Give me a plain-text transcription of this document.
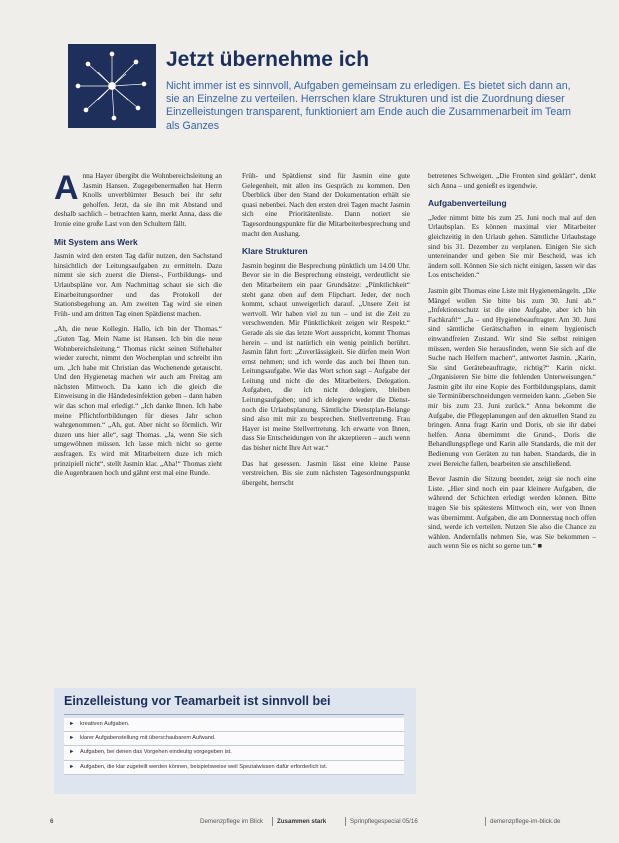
Jetzt übernehme ich
Nicht immer ist es sinnvoll, Aufgaben gemeinsam zu erledigen. Es bietet sich dann an, sie an Einzelne zu verteilen. Herrschen klare Strukturen und ist die Zuordnung dieser Einzelleistungen transparent, funktioniert am Ende auch die Zusammenarbeit im Team als Ganzes

Anna Hayer übergibt die Wohnbereichsleitung an Jasmin Hansen. Zugegebenermaßen hat Herrn Knolls unverblümter Besuch bei ihr sehr geholfen. Jetzt, da sie ihn mit Abstand und deshalb sachlich – betrachten kann, merkt Anna, dass die Ironie eine große Last von den Schultern fällt.

Mit System ans Werk

Jasmin wird den ersten Tag dafür nutzen, den Sachstand hinsichtlich der Leitungsaufgaben zu ermitteln. Dazu nimmt sie sich zuerst die Dienst-, Fortbildungs- und Urlaubspläne vor. Am Nachmittag schaut sie sich die Einarbeitungsordner und das Protokoll der Stationsbegehung an. Am zweiten Tag wird sie einen Früh- und am dritten Tag einen Spätdienst machen.

„Ah, die neue Kollegin. Hallo, ich bin der Thomas.“ „Guten Tag. Mein Name ist Hansen. Ich bin die neue Wohnbereichsleitung.“ Thomas rückt seinen Stiftehalter wieder zurecht, nimmt den Wochenplan und schreibt ihn um. „Ich habe mit Christian das Wochenende getauscht. Und den Hygienetag machen wir auch am Freitag am nächsten Mittwoch. Da kann ich die gleich die Einweisung in die Händedesinfektion geben – dann haben wir das schon mal erledigt.“ „Ich danke Ihnen. Ich habe meine Pflichtfortbildungen für dieses Jahr schon wahrgenommen.“ „Ah, gut. Aber nicht so förmlich. Wir duzen uns hier alle“, sagt Thomas. „Ja, wenn Sie sich umgewöhnen müssen. Ich lasse mich nicht so gerne ausfragen. Es wird mit Mitarbeitern duze ich mich prinzipiell nicht“, stellt Jasmin klar. „Aha!“ Thomas zieht die Augenbrauen hoch und gähnt erst mal eine Runde.

Früh- und Spätdienst sind für Jasmin eine gute Gelegenheit, mit allen ins Gespräch zu kommen. Den Überblick über den Stand der Dokumentation erhält sie quasi nebenbei. Nach den ersten drei Tagen macht Jasmin sich eine Prioritätenliste. Dann notiert sie Tagesordnungspunkte für die Mitarbeiterbesprechung und macht den Aushang.

Klare Strukturen

Jasmin beginnt die Besprechung pünktlich um 14.00 Uhr. Bevor sie in die Besprechung einsteigt, verdeutlicht sie den Mitarbeitern ein paar Grundsätze: „Pünktlichkeit“ steht ganz oben auf dem Flipchart. Jeder, der noch kommt, schaut unweigerlich darauf. „Unsere Zeit ist wertvoll. Wir haben viel zu tun – und ist die Zeit zu verschwenden. Mir Pünktlichkeit zeigen wir Respekt.“ Gerade als sie das letzte Wort ausspricht, kommt Thomas herein – und ist natürlich ein wenig peinlich berührt. Jasmin fährt fort: „Zuverlässigkeit. Sie dürfen mein Wort ernst nehmen; und ich werde das auch bei Ihnen tun. Leitungsaufgabe. Wie das Wort schon sagt – Aufgabe der Leitung und nicht die des Mitarbeiters. Delegation. Aufgaben, die ich nicht delegiere, bleiben Leitungsaufgaben; und ich delegiere weder die Dienst- noch die Urlaubsplanung. Sämtliche Dienstplan-Belange sind also mit mir zu besprechen. Stellvertretung. Frau Hayer ist meine Stellvertretung. Ich erwarte von Ihnen, dass Sie Entscheidungen von ihr akzeptieren – auch wenn das bisher nicht Ihre Art war.“

Das hat gesessen. Jasmin lässt eine kleine Pause verstreichen. Bis sie zum nächsten Tagesordnungspunkt übergeht, herrscht

betretenes Schweigen. „Die Fronten sind geklärt“, denkt sich Anna – und genießt es irgendwie.

Aufgabenverteilung

„Jeder nimmt bitte bis zum 25. Juni noch mal auf den Urlaubsplan. Es können maximal vier Mitarbeiter gleichzeitig in den Urlaub gehen. Sämtliche Urlaubstage sind bis 31. Dezember zu verplanen. Einigen Sie sich untereinander und geben Sie mir Bescheid, was ich ändern soll. Können Sie sich nicht einigen, lassen wir das Los entscheiden.“

Jasmin gibt Thomas eine Liste mit Hygienemängeln. „Die Mängel wollen Sie bitte bis zum 30. Juni ab.“ „Infektionsschutz ist die eine Aufgabe, aber ich bin Fachkraft!“ „Ja – und Hygienebeauftragter. Am 30. Juni sind sämtliche Gerätschaften in einem hygienisch einwandfreien Zustand. Wir sind Sie selbst reinigen müssen, werden Sie herausfinden, wenn Sie sich auf die Suche nach Helfern machen“, antwortet Jasmin. „Karin, Sie sind Gerätebeauftragte, richtig?“ Karin nickt. „Organisieren Sie bitte die fehlenden Unterweisungen.“ Jasmin gibt ihr eine Kopie des Fortbildungsplans, damit sie Terminüberschneidungen vermeiden kann. „Geben Sie mir bis zum 23. Juni zurück.“ Anna bekommt die Aufgabe, die Pflegeplanungen auf den aktuellen Stand zu bringen. Anna fragt Karin und Doris, ob sie ihr dabei helfen. Anna übernimmt die Grund-, Doris die Behandlungspflege und Karin alle Standards, die mit der Bedienung von Geräten zu tun haben. Standards, die in zwei Bereiche fallen, bearbeiten sie anschließend.

Bevor Jasmin die Sitzung beendet, zeigt sie noch eine Liste. „Hier sind noch ein paar kleinere Aufgaben, die während der Schichten erledigt werden können. Bitte tragen Sie bis spätestens Mittwoch ein, wer von Ihnen was übernimmt. Aufgaben, die am Donnerstag noch offen sind, werde ich verteilen. Nutzen Sie also die Chance zu wählen. Andernfalls nehmen Sie, was Sie bekommen – auch wenn Sie es nicht so gerne tun.“ ■

Einzelleistung vor Teamarbeit ist sinnvoll bei
► kreativen Aufgaben.
► klarer Aufgabenstellung mit überschaubarem Aufwand.
► Aufgaben, bei denen das Vorgehen eindeutig vorgegeben ist.
► Aufgaben, die klar zugeteilt werden können, beispielsweise weil Spezialwissen dafür erforderlich ist.
6	Demenzpflege im Blick Zusammen stark	Sprinpflegespecial 05/16	demenzpflege-im-blick.de
